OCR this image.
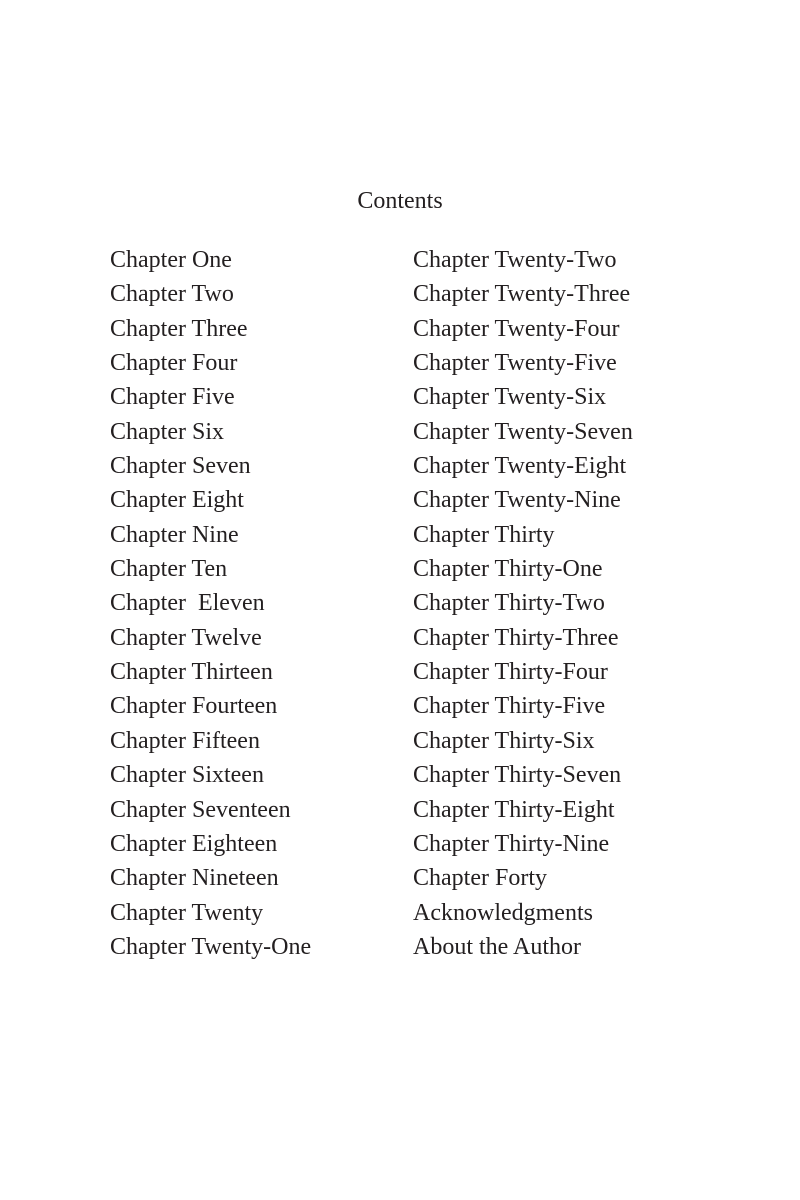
Contents
Chapter One
Chapter Two
Chapter Three
Chapter Four
Chapter Five
Chapter Six
Chapter Seven
Chapter Eight
Chapter Nine
Chapter Ten
Chapter  Eleven
Chapter Twelve
Chapter Thirteen
Chapter Fourteen
Chapter Fifteen
Chapter Sixteen
Chapter Seventeen
Chapter Eighteen
Chapter Nineteen
Chapter Twenty
Chapter Twenty-One
Chapter Twenty-Two
Chapter Twenty-Three
Chapter Twenty-Four
Chapter Twenty-Five
Chapter Twenty-Six
Chapter Twenty-Seven
Chapter Twenty-Eight
Chapter Twenty-Nine
Chapter Thirty
Chapter Thirty-One
Chapter Thirty-Two
Chapter Thirty-Three
Chapter Thirty-Four
Chapter Thirty-Five
Chapter Thirty-Six
Chapter Thirty-Seven
Chapter Thirty-Eight
Chapter Thirty-Nine
Chapter Forty
Acknowledgments
About the Author
